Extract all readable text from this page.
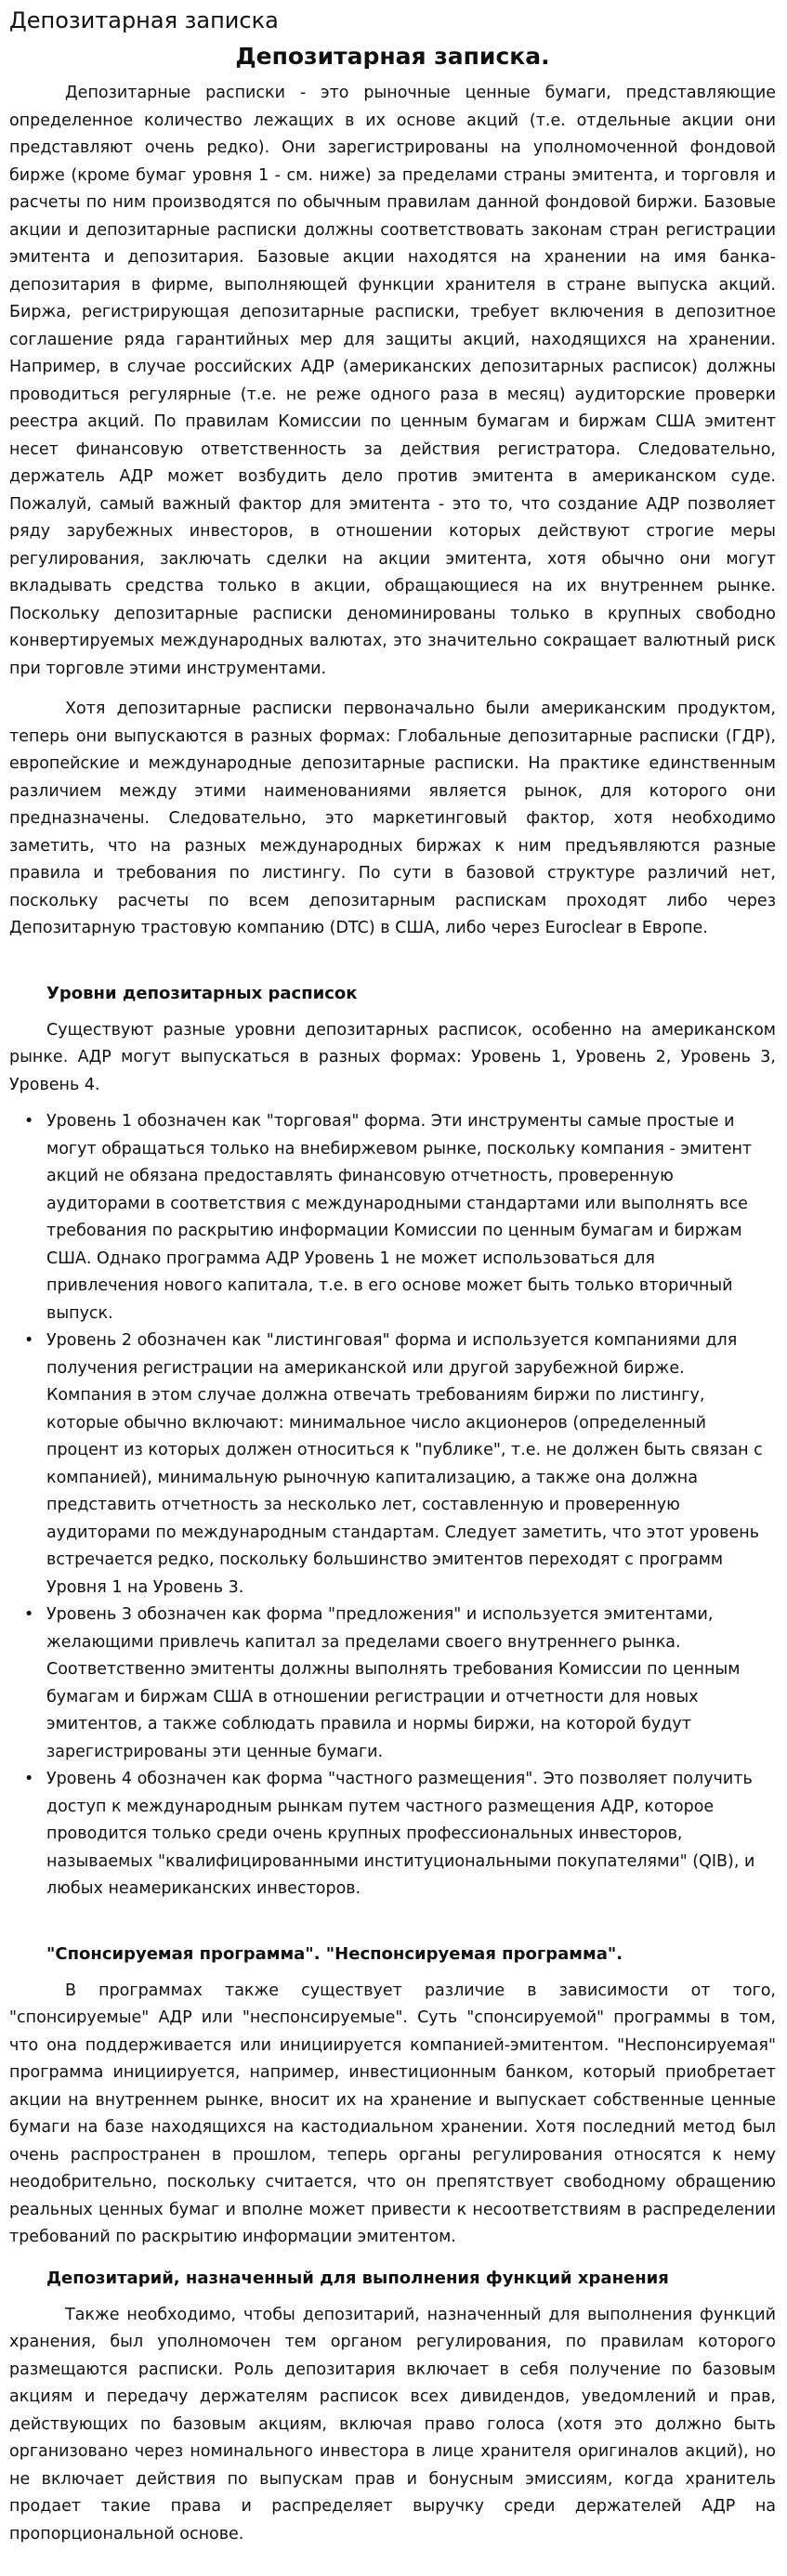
Депозитарная записка
Депозитарная записка.

Депозитарные расписки - это рыночные ценные бумаги, представляющие определенное количество лежащих в их основе акций (т.е. отдельные акции они представляют очень редко). Они зарегистрированы на уполномоченной фондовой бирже (кроме бумаг уровня 1 - см. ниже) за пределами страны эмитента, и торговля и расчеты по ним производятся по обычным правилам данной фондовой биржи. Базовые акции и депозитарные расписки должны соответствовать законам стран регистрации эмитента и депозитария. Базовые акции находятся на хранении на имя банка-депозитария в фирме, выполняющей функции хранителя в стране выпуска акций. Биржа, регистрирующая депозитарные расписки, требует включения в депозитное соглашение ряда гарантийных мер для защиты акций, находящихся на хранении. Например, в случае российских АДР (американских депозитарных расписок) должны проводиться регулярные (т.е. не реже одного раза в месяц) аудиторские проверки реестра акций. По правилам Комиссии по ценным бумагам и биржам США эмитент несет финансовую ответственность за действия регистратора. Следовательно, держатель АДР может возбудить дело против эмитента в американском суде. Пожалуй, самый важный фактор для эмитента - это то, что создание АДР позволяет ряду зарубежных инвесторов, в отношении которых действуют строгие меры регулирования, заключать сделки на акции эмитента, хотя обычно они могут вкладывать средства только в акции, обращающиеся на их внутреннем рынке. Поскольку депозитарные расписки деноминированы только в крупных свободно конвертируемых международных валютах, это значительно сокращает валютный риск при торговле этими инструментами.

Хотя депозитарные расписки первоначально были американским продуктом, теперь они выпускаются в разных формах: Глобальные депозитарные расписки (ГДР), европейские и международные депозитарные расписки. На практике единственным различием между этими наименованиями является рынок, для которого они предназначены. Следовательно, это маркетинговый фактор, хотя необходимо заметить, что на разных международных биржах к ним предъявляются разные правила и требования по листингу. По сути в базовой структуре различий нет, поскольку расчеты по всем депозитарным распискам проходят либо через Депозитарную трастовую компанию (DTC) в США, либо через Euroclear в Европе.

Уровни депозитарных расписок

Существуют разные уровни депозитарных расписок, особенно на американском рынке. АДР могут выпускаться в разных формах: Уровень 1, Уровень 2, Уровень 3, Уровень 4.

• Уровень 1 обозначен как "торговая" форма. Эти инструменты самые простые и могут обращаться только на внебиржевом рынке, поскольку компания - эмитент акций не обязана предоставлять финансовую отчетность, проверенную аудиторами в соответствия с международными стандартами или выполнять все требования по раскрытию информации Комиссии по ценным бумагам и биржам США. Однако программа АДР Уровень 1 не может использоваться для привлечения нового капитала, т.е. в его основе может быть только вторичный выпуск.
• Уровень 2 обозначен как "листинговая" форма и используется компаниями для получения регистрации на американской или другой зарубежной бирже. Компания в этом случае должна отвечать требованиям биржи по листингу, которые обычно включают: минимальное число акционеров (определенный процент из которых должен относиться к "публике", т.е. не должен быть связан с компанией), минимальную рыночную капитализацию, а также она должна представить отчетность за несколько лет, составленную и проверенную аудиторами по международным стандартам. Следует заметить, что этот уровень встречается редко, поскольку большинство эмитентов переходят с программ Уровня 1 на Уровень 3.
• Уровень 3 обозначен как форма "предложения" и используется эмитентами, желающими привлечь капитал за пределами своего внутреннего рынка. Соответственно эмитенты должны выполнять требования Комиссии по ценным бумагам и биржам США в отношении регистрации и отчетности для новых эмитентов, а также соблюдать правила и нормы биржи, на которой будут зарегистрированы эти ценные бумаги.
• Уровень 4 обозначен как форма "частного размещения". Это позволяет получить доступ к международным рынкам путем частного размещения АДР, которое проводится только среди очень крупных профессиональных инвесторов, называемых "квалифицированными институциональными покупателями" (QIB), и любых неамериканских инвесторов.
"Спонсируемая программа". "Неспонсируемая программа".

В программах также существует различие в зависимости от того, "спонсируемые" АДР или "неспонсируемые". Суть "спонсируемой" программы в том, что она поддерживается или инициируется компанией-эмитентом. "Неспонсируемая" программа инициируется, например, инвестиционным банком, который приобретает акции на внутреннем рынке, вносит их на хранение и выпускает собственные ценные бумаги на базе находящихся на кастодиальном хранении. Хотя последний метод был очень распространен в прошлом, теперь органы регулирования относятся к нему неодобрительно, поскольку считается, что он препятствует свободному обращению реальных ценных бумаг и вполне может привести к несоответствиям в распределении требований по раскрытию информации эмитентом.

Депозитарий, назначенный для выполнения функций хранения

Также необходимо, чтобы депозитарий, назначенный для выполнения функций хранения, был уполномочен тем органом регулирования, по правилам которого размещаются расписки. Роль депозитария включает в себя получение по базовым акциям и передачу держателям расписок всех дивидендов, уведомлений и прав, действующих по базовым акциям, включая право голоса (хотя это должно быть организовано через номинального инвестора в лице хранителя оригиналов акций), но не включает действия по выпускам прав и бонусным эмиссиям, когда хранитель продает такие права и распределяет выручку среди держателей АДР на пропорциональной основе.
